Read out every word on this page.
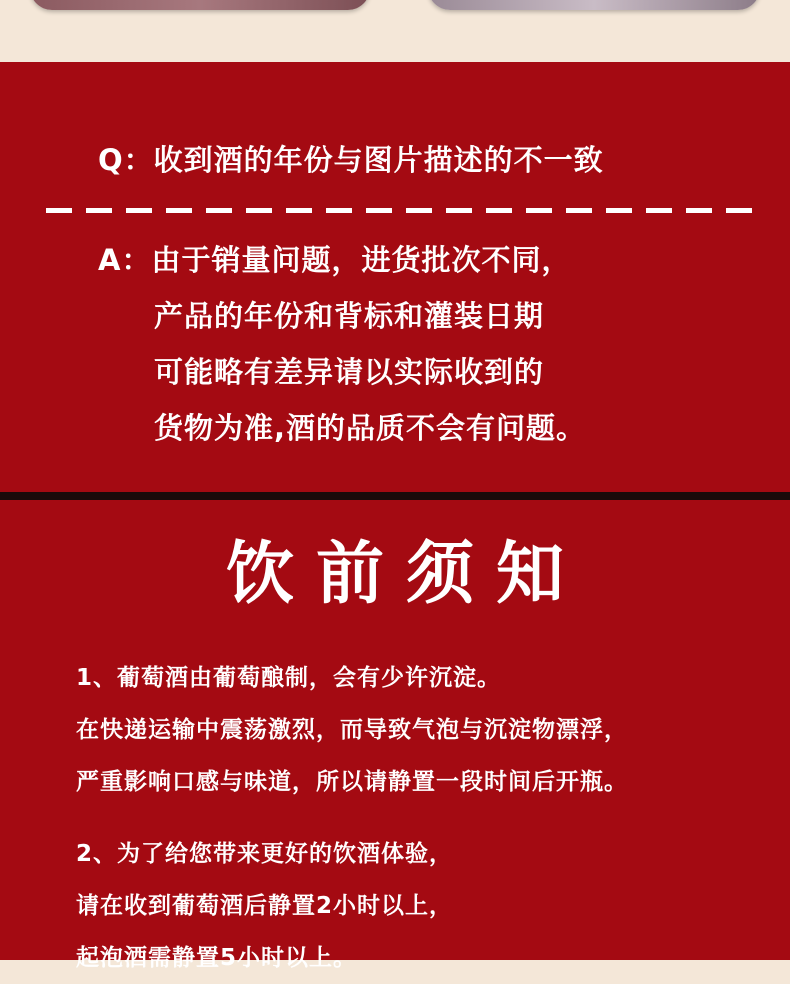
Q：收到酒的年份与图片描述的不一致
A：由于销量问题，进货批次不同，
产品的年份和背标和灌装日期
可能略有差异请以实际收到的
货物为准,酒的品质不会有问题。
饮前须知
1、葡萄酒由葡萄酿制，会有少许沉淀。
在快递运输中震荡激烈，而导致气泡与沉淀物漂浮，
严重影响口感与味道，所以请静置一段时间后开瓶。
2、为了给您带来更好的饮酒体验，
请在收到葡萄酒后静置2小时以上，
起泡酒需静置5小时以上。
